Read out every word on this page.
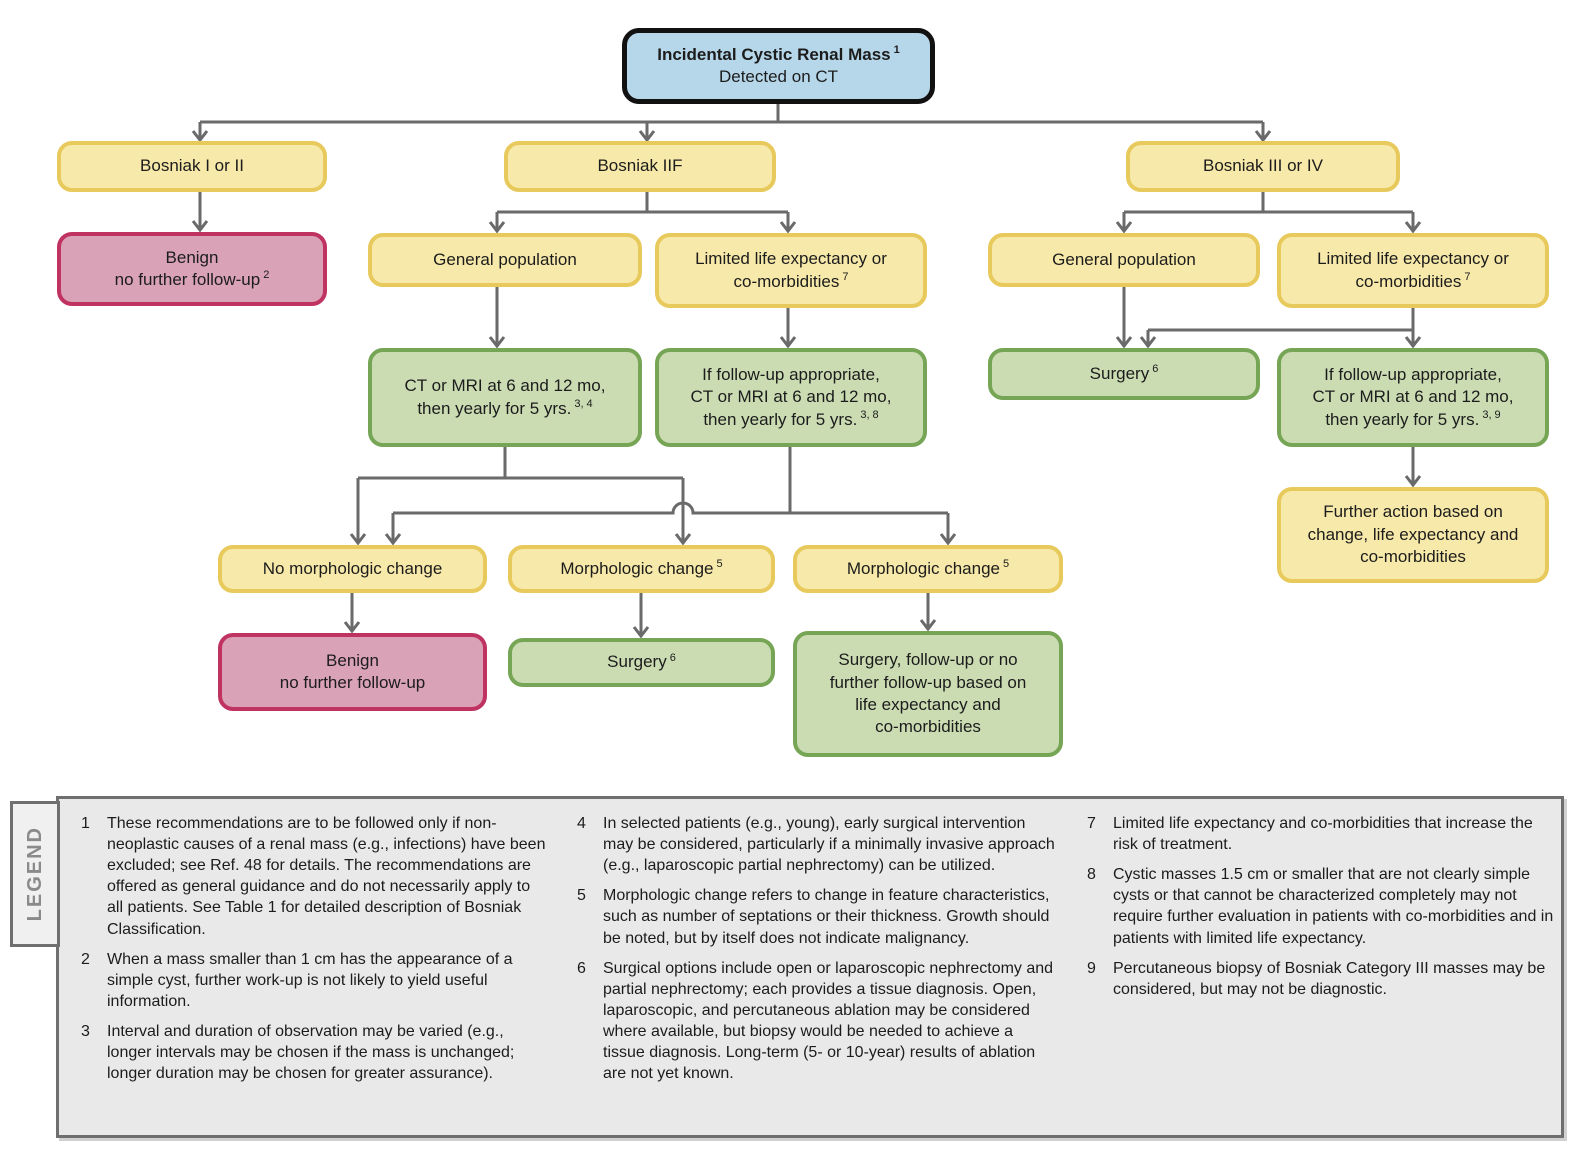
Incidental Cystic Renal Mass $^1$
Detected on CT
Bosniak I or II	Bosniak IIF	Bosniak III or IV
Benign
no further follow-up $^2$
General population	Limited life expectancy or
co-morbidities $^7$
General population	Limited life expectancy or
co-morbidities $^7$
CT or MRI at 6 and 12 mo,
then yearly for 5 yrs. $^{3, 4}$
If follow-up appropriate,
CT or MRI at 6 and 12 mo,
then yearly for 5 yrs. $^{3, 8}$
Surgery $^6$	If follow-up appropriate,
CT or MRI at 6 and 12 mo,
then yearly for 5 yrs. $^{3, 9}$
Further action based on
change, life expectancy and
co-morbidities
No morphologic change	Morphologic change $^5$	Morphologic change $^5$
Benign
no further follow-up
Surgery $^6$	Surgery, follow-up or no
further follow-up based on
life expectancy and
co-morbidities
1	These recommendations are to be followed only if non-neoplastic causes of a renal mass (e.g., infections) have been excluded; see Ref. 48 for details. The recommendations are offered as general guidance and do not necessarily apply to all patients. See Table 1 for detailed description of Bosniak Classification.
2	When a mass smaller than 1 cm has the appearance of a simple cyst, further work-up is not likely to yield useful information.
3	Interval and duration of observation may be varied (e.g., longer intervals may be chosen if the mass is unchanged; longer duration may be chosen for greater assurance).
4	In selected patients (e.g., young), early surgical intervention may be considered, particularly if a minimally invasive approach (e.g., laparoscopic partial nephrectomy) can be utilized.
5	Morphologic change refers to change in feature characteristics, such as number of septations or their thickness. Growth should be noted, but by itself does not indicate malignancy.
6	Surgical options include open or laparoscopic nephrectomy and partial nephrectomy; each provides a tissue diagnosis. Open, laparoscopic, and percutaneous ablation may be considered where available, but biopsy would be needed to achieve a tissue diagnosis. Long-term (5- or 10-year) results of ablation are not yet known.
7	Limited life expectancy and co-morbidities that increase the risk of treatment.
8	Cystic masses 1.5 cm or smaller that are not clearly simple cysts or that cannot be characterized completely may not require further evaluation in patients with co-morbidities and in patients with limited life expectancy.
9	Percutaneous biopsy of Bosniak Category III masses may be considered, but may not be diagnostic.
LEGEND
